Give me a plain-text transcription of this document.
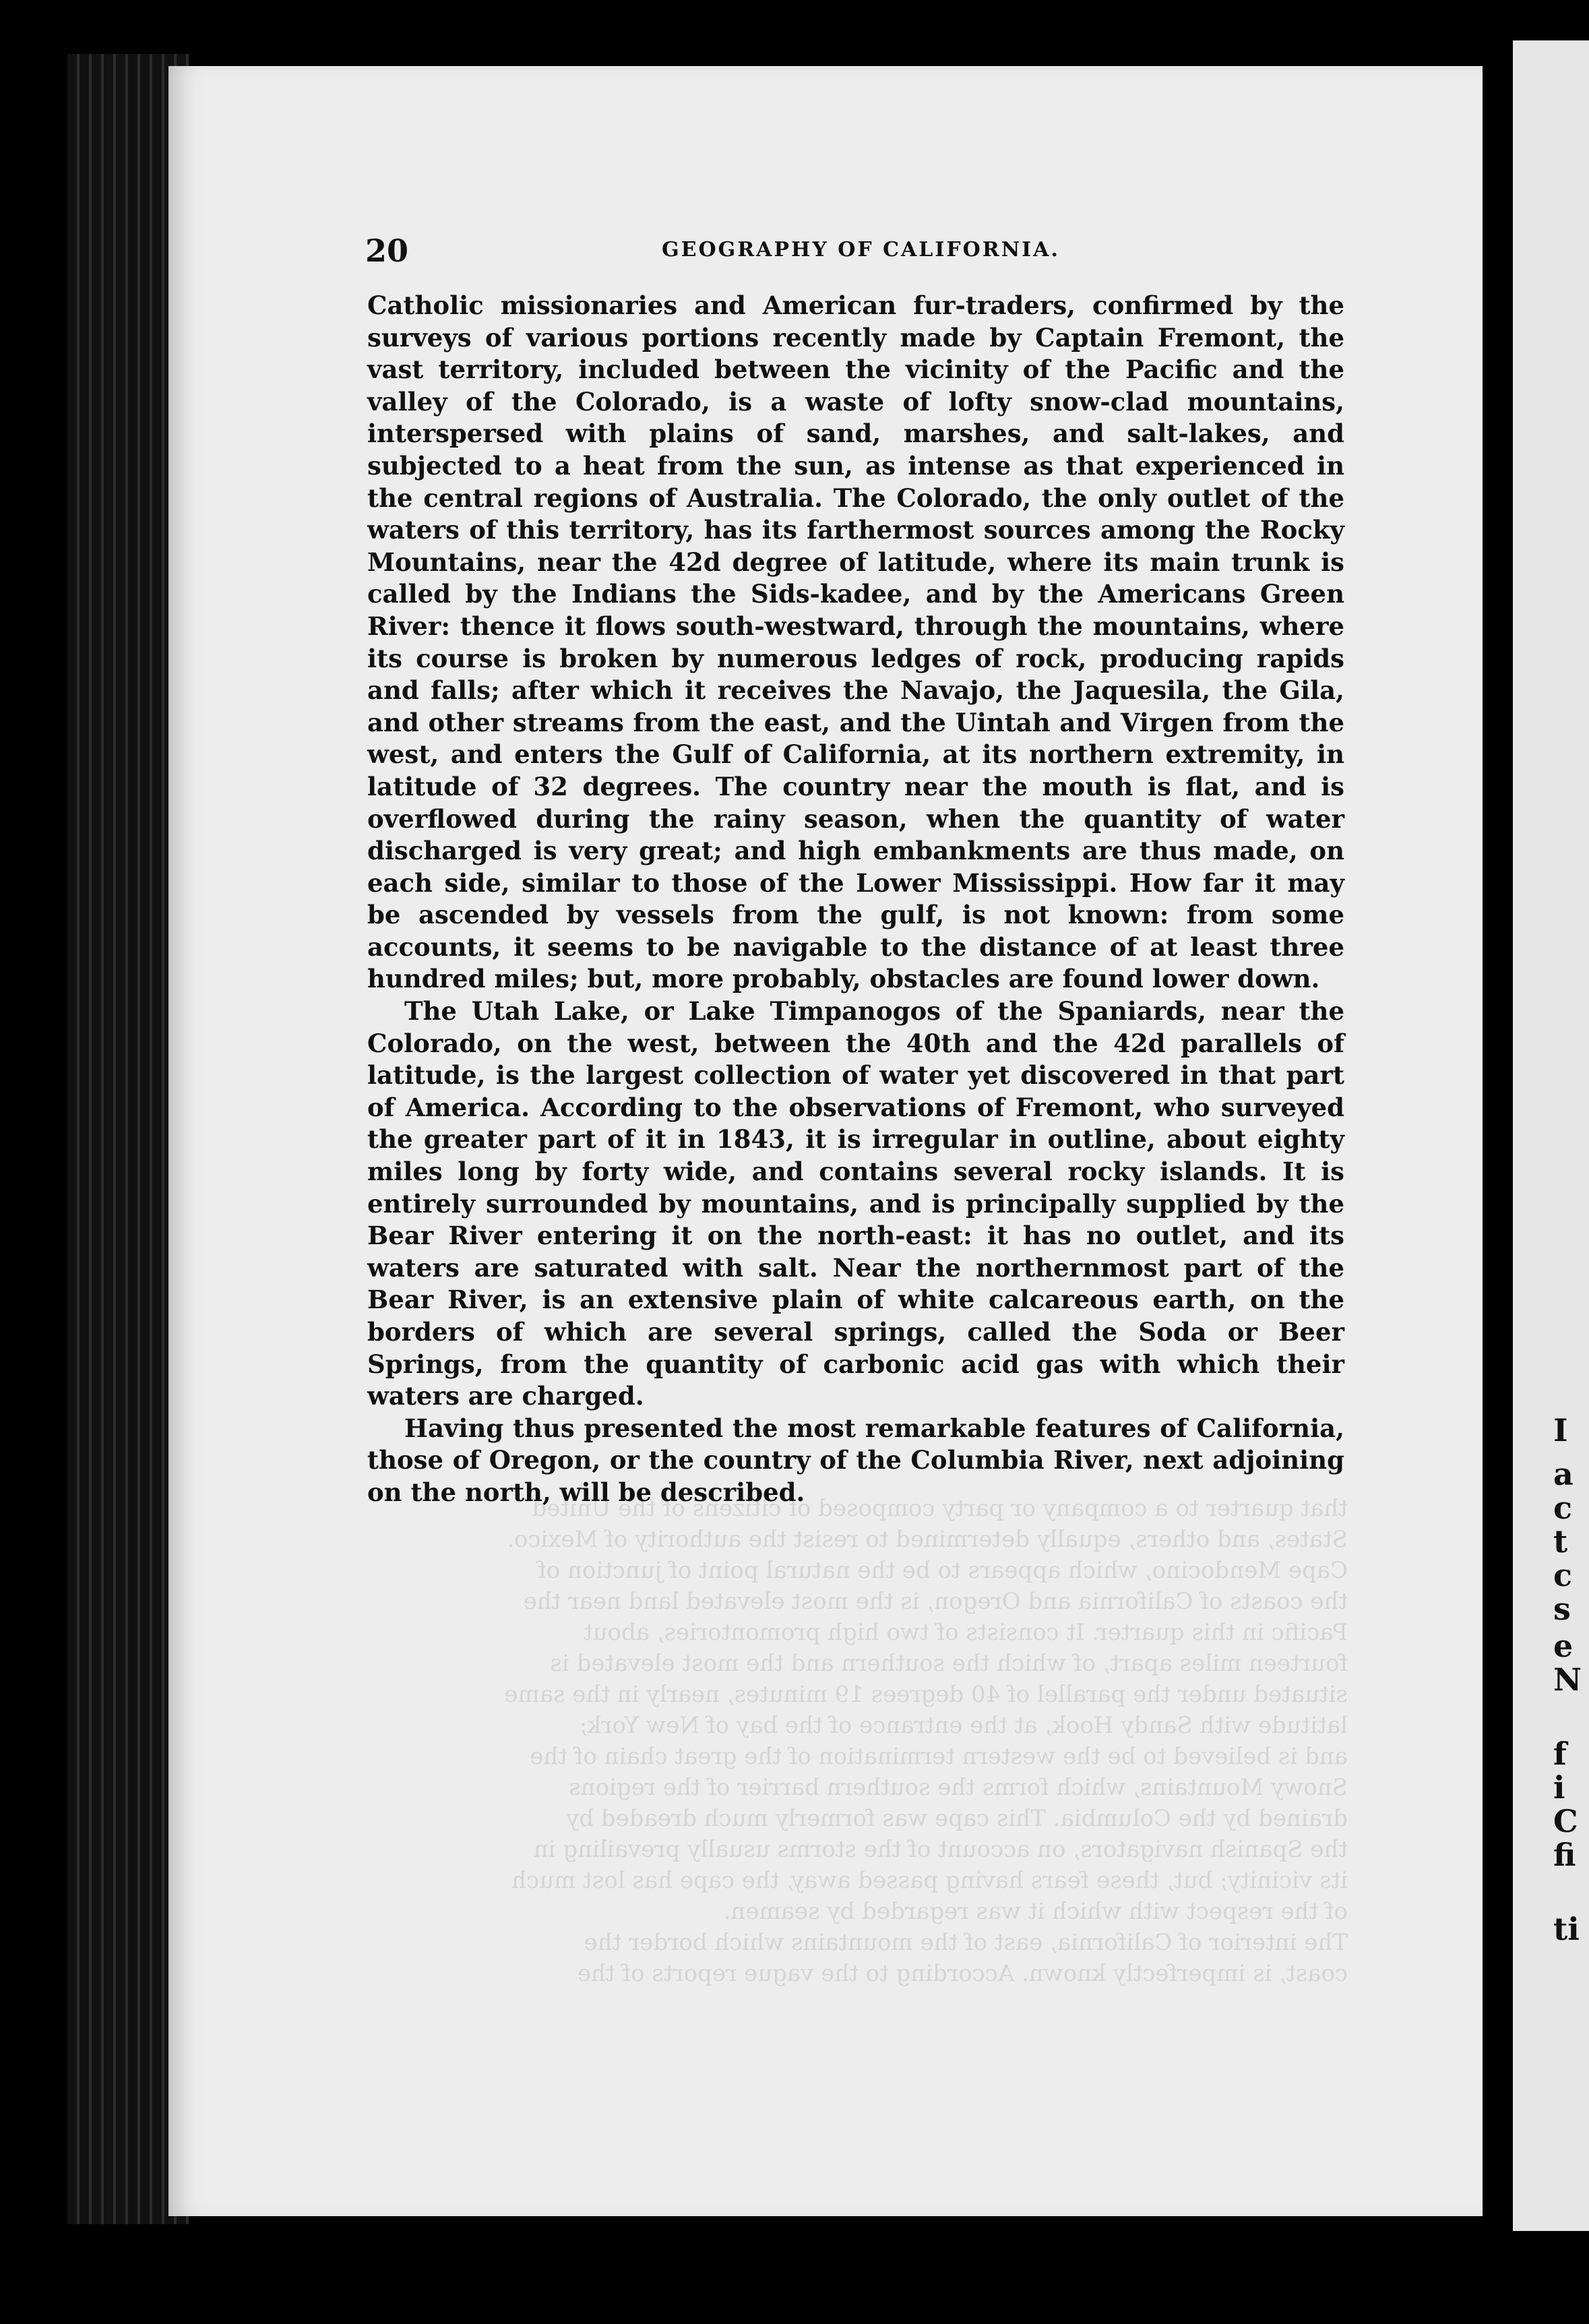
I
a
c
t
c
s
e
N
f
i
C
fi
ti
20	GEOGRAPHY OF CALIFORNIA.

Catholic missionaries and American fur-traders, confirmed by the surveys of various portions recently made by Captain Fremont, the vast territory, included between the vicinity of the Pacific and the valley of the Colorado, is a waste of lofty snow-clad mountains, interspersed with plains of sand, marshes, and salt-lakes, and subjected to a heat from the sun, as intense as that experienced in the central regions of Australia. The Colorado, the only outlet of the waters of this territory, has its farthermost sources among the Rocky Mountains, near the 42d degree of latitude, where its main trunk is called by the Indians the Sids-kadee, and by the Americans Green River: thence it flows south-westward, through the mountains, where its course is broken by numerous ledges of rock, producing rapids and falls; after which it receives the Navajo, the Jaquesila, the Gila, and other streams from the east, and the Uintah and Virgen from the west, and enters the Gulf of California, at its northern extremity, in latitude of 32 degrees. The country near the mouth is flat, and is overflowed during the rainy season, when the quantity of water discharged is very great; and high embankments are thus made, on each side, similar to those of the Lower Mississippi. How far it may be ascended by vessels from the gulf, is not known: from some accounts, it seems to be navigable to the distance of at least three hundred miles; but, more probably, obstacles are found lower down.

The Utah Lake, or Lake Timpanogos of the Spaniards, near the Colorado, on the west, between the 40th and the 42d parallels of latitude, is the largest collection of water yet discovered in that part of America. According to the observations of Fremont, who surveyed the greater part of it in 1843, it is irregular in outline, about eighty miles long by forty wide, and contains several rocky islands. It is entirely surrounded by mountains, and is principally supplied by the Bear River entering it on the north-east: it has no outlet, and its waters are saturated with salt. Near the northernmost part of the Bear River, is an extensive plain of white calcareous earth, on the borders of which are several springs, called the Soda or Beer Springs, from the quantity of carbonic acid gas with which their waters are charged.

Having thus presented the most remarkable features of California, those of Oregon, or the country of the Columbia River, next adjoining on the north, will be described.

that quarter to a company or party composed of citizens of the United
States, and others, equally determined to resist the authority of Mexico.
Cape Mendocino, which appears to be the natural point of junction of
the coasts of California and Oregon, is the most elevated land near the
Pacific in this quarter. It consists of two high promontories, about
fourteen miles apart, of which the southern and the most elevated is
situated under the parallel of 40 degrees 19 minutes, nearly in the same
latitude with Sandy Hook, at the entrance of the bay of New York;
and is believed to be the western termination of the great chain of the
Snowy Mountains, which forms the southern barrier of the regions
drained by the Columbia. This cape was formerly much dreaded by
the Spanish navigators, on account of the storms usually prevailing in
its vicinity; but, these fears having passed away, the cape has lost much
of the respect with which it was regarded by seamen.
The interior of California, east of the mountains which border the
coast, is imperfectly known. According to the vague reports of the
